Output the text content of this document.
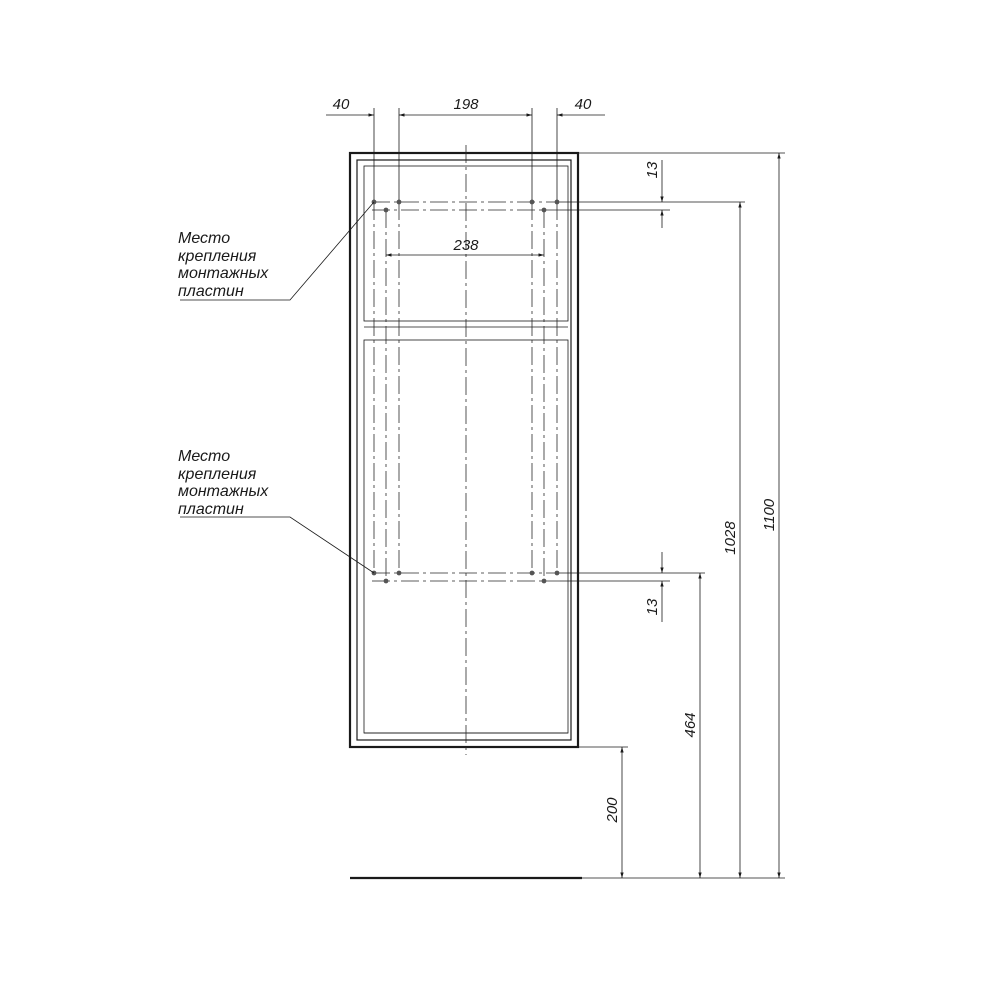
40	198	40
238
13
13
1028
1100
464
200
Место
крепления
монтажных
пластин
Место
крепления
монтажных
пластин
